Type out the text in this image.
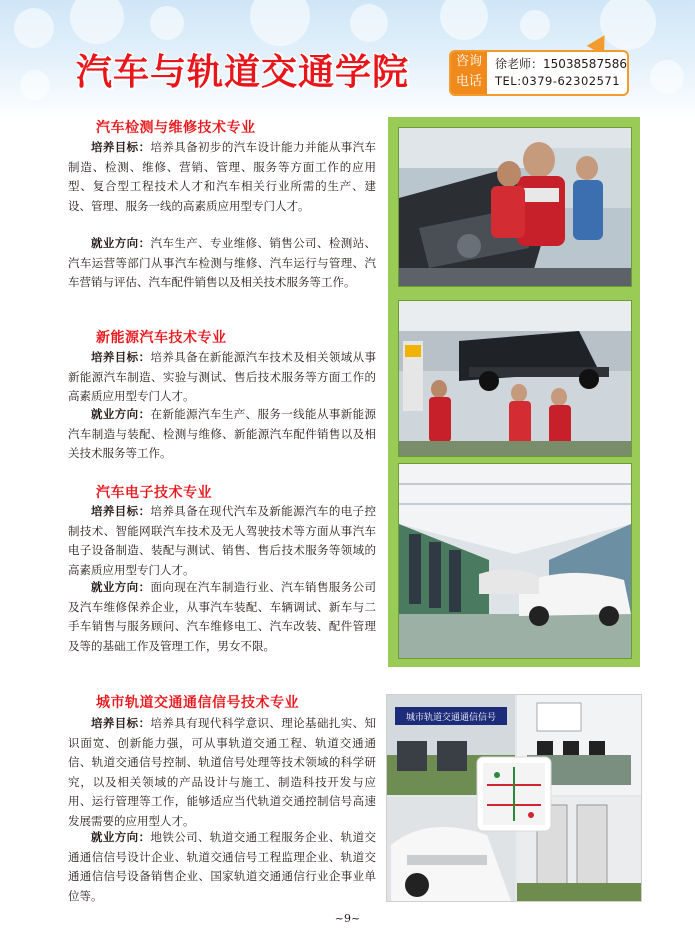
汽车与轨道交通学院	咨询
电话
徐老师：15038587586
TEL:0379-62302571
汽车检测与维修技术专业

培养目标：培养具备初步的汽车设计能力并能从事汽车制造、检测、维修、营销、管理、服务等方面工作的应用型、复合型工程技术人才和汽车相关行业所需的生产、建设、管理、服务一线的高素质应用型专门人才。

就业方向：汽车生产、专业维修、销售公司、检测站、汽车运营等部门从事汽车检测与维修、汽车运行与管理、汽车营销与评估、汽车配件销售以及相关技术服务等工作。

新能源汽车技术专业

培养目标：培养具备在新能源汽车技术及相关领域从事新能源汽车制造、实验与测试、售后技术服务等方面工作的高素质应用型专门人才。

就业方向：在新能源汽车生产、服务一线能从事新能源汽车制造与装配、检测与维修、新能源汽车配件销售以及相关技术服务等工作。

汽车电子技术专业

培养目标：培养具备在现代汽车及新能源汽车的电子控制技术、智能网联汽车技术及无人驾驶技术等方面从事汽车电子设备制造、装配与测试、销售、售后技术服务等领域的高素质应用型专门人才。

就业方向：面向现在汽车制造行业、汽车销售服务公司及汽车维修保养企业，从事汽车装配、车辆调试、新车与二手车销售与服务顾问、汽车维修电工、汽车改装、配件管理及等的基础工作及管理工作，男女不限。

城市轨道交通通信信号技术专业

培养目标：培养具有现代科学意识、理论基础扎实、知识面宽、创新能力强，可从事轨道交通工程、轨道交通通信、轨道交通信号控制、轨道信号处理等技术领域的科学研究，以及相关领域的产品设计与施工、制造科技开发与应用、运行管理等工作，能够适应当代轨道交通控制信号高速发展需要的应用型人才。

就业方向：地铁公司、轨道交通工程服务企业、轨道交通通信信号设计企业、轨道交通信号工程监理企业、轨道交通通信信号设备销售企业、国家轨道交通通信行业企事业单位等。

城市轨道交通通信信号
~9~
